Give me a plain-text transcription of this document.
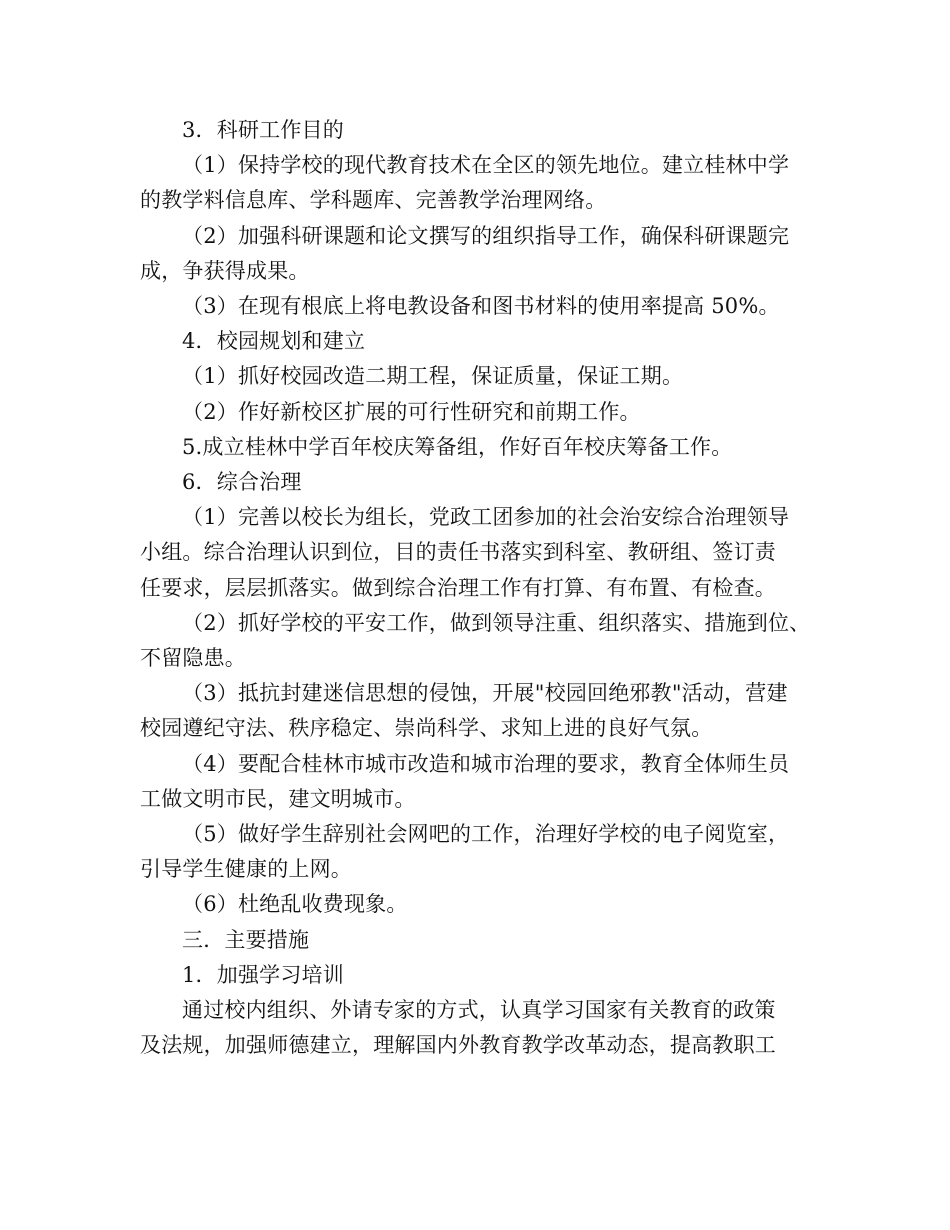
3．科研工作目的
（1）保持学校的现代教育技术在全区的领先地位。建立桂林中学
的教学料信息库、学科题库、完善教学治理网络。
（2）加强科研课题和论文撰写的组织指导工作，确保科研课题完
成，争获得成果。
（3）在现有根底上将电教设备和图书材料的使用率提高 50%。
4．校园规划和建立
（1）抓好校园改造二期工程，保证质量，保证工期。
（2）作好新校区扩展的可行性研究和前期工作。
5.成立桂林中学百年校庆筹备组，作好百年校庆筹备工作。
6．综合治理
（1）完善以校长为组长，党政工团参加的社会治安综合治理领导
小组。综合治理认识到位，目的责任书落实到科室、教研组、签订责
任要求，层层抓落实。做到综合治理工作有打算、有布置、有检查。
（2）抓好学校的平安工作，做到领导注重、组织落实、措施到位、
不留隐患。
（3）抵抗封建迷信思想的侵蚀，开展"校园回绝邪教"活动，营建
校园遵纪守法、秩序稳定、崇尚科学、求知上进的良好气氛。
（4）要配合桂林市城市改造和城市治理的要求，教育全体师生员
工做文明市民，建文明城市。
（5）做好学生辞别社会网吧的工作，治理好学校的电子阅览室，
引导学生健康的上网。
（6）杜绝乱收费现象。
三．主要措施
1．加强学习培训
通过校内组织、外请专家的方式，认真学习国家有关教育的政策
及法规，加强师德建立，理解国内外教育教学改革动态，提高教职工
